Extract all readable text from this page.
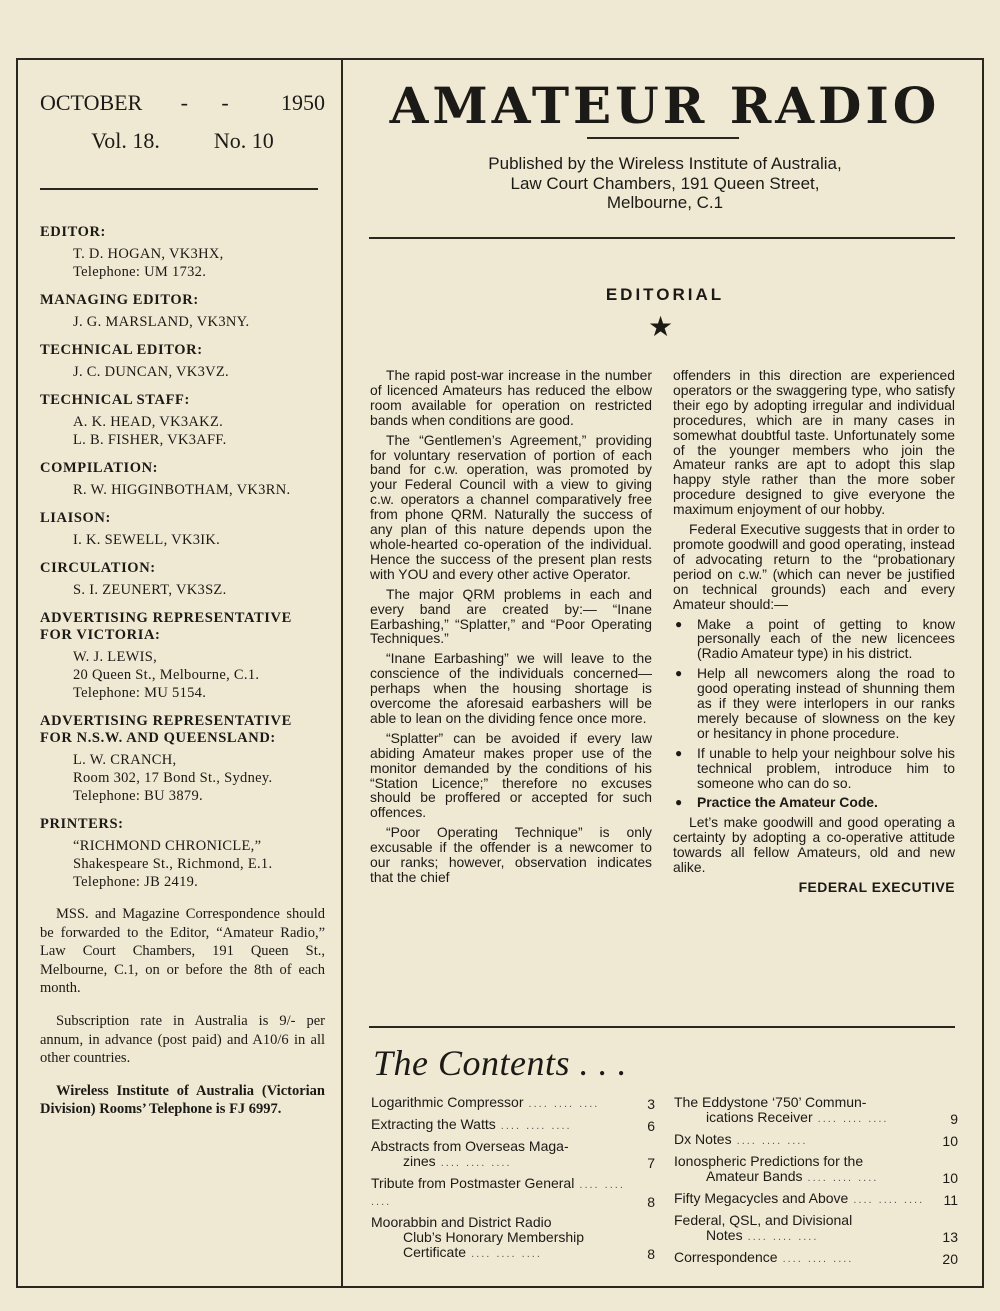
OCTOBER - - 1950
Vol. 18. No. 10
EDITOR:
T. D. HOGAN, VK3HX,
Telephone: UM 1732.
MANAGING EDITOR:
J. G. MARSLAND, VK3NY.
TECHNICAL EDITOR:
J. C. DUNCAN, VK3VZ.
TECHNICAL STAFF:
A. K. HEAD, VK3AKZ.
L. B. FISHER, VK3AFF.
COMPILATION:
R. W. HIGGINBOTHAM, VK3RN.
LIAISON:
I. K. SEWELL, VK3IK.
CIRCULATION:
S. I. ZEUNERT, VK3SZ.
ADVERTISING REPRESENTATIVE FOR VICTORIA:
W. J. LEWIS,
20 Queen St., Melbourne, C.1.
Telephone: MU 5154.
ADVERTISING REPRESENTATIVE FOR N.S.W. AND QUEENSLAND:
L. W. CRANCH,
Room 302, 17 Bond St., Sydney.
Telephone: BU 3879.
PRINTERS:
“RICHMOND CHRONICLE,”
Shakespeare St., Richmond, E.1.
Telephone: JB 2419.
MSS. and Magazine Correspondence should be forwarded to the Editor, “Amateur Radio,” Law Court Chambers, 191 Queen St., Melbourne, C.1, on or before the 8th of each month.
Subscription rate in Australia is 9/- per annum, in advance (post paid) and A10/6 in all other countries.
Wireless Institute of Australia (Victorian Division) Rooms’ Telephone is FJ 6997.
AMATEUR RADIO
Published by the Wireless Institute of Australia,
Law Court Chambers, 191 Queen Street,
Melbourne, C.1
EDITORIAL
★

The rapid post-war increase in the number of licenced Amateurs has reduced the elbow room available for operation on restricted bands when conditions are good.

The “Gentlemen’s Agreement,” providing for voluntary reservation of portion of each band for c.w. operation, was promoted by your Federal Council with a view to giving c.w. operators a channel comparatively free from phone QRM. Naturally the success of any plan of this nature depends upon the whole-hearted co-operation of the individual. Hence the success of the present plan rests with YOU and every other active Operator.

The major QRM problems in each and every band are created by:— “Inane Earbashing,” “Splatter,” and “Poor Operating Techniques.”

“Inane Earbashing” we will leave to the conscience of the individuals concerned—perhaps when the housing shortage is overcome the aforesaid earbashers will be able to lean on the dividing fence once more.

“Splatter” can be avoided if every law abiding Amateur makes proper use of the monitor demanded by the conditions of his “Station Licence;” therefore no excuses should be proffered or accepted for such offences.

“Poor Operating Technique” is only excusable if the offender is a newcomer to our ranks; however, observation indicates that the chief

offenders in this direction are experienced operators or the swaggering type, who satisfy their ego by adopting irregular and individual procedures, which are in many cases in somewhat doubtful taste. Unfortunately some of the younger members who join the Amateur ranks are apt to adopt this slap happy style rather than the more sober procedure designed to give everyone the maximum enjoyment of our hobby.

Federal Executive suggests that in order to promote goodwill and good operating, instead of advocating return to the “probationary period on c.w.” (which can never be justified on technical grounds) each and every Amateur should:—

● Make a point of getting to know personally each of the new licencees (Radio Amateur type) in his district.
● Help all newcomers along the road to good operating instead of shunning them as if they were interlopers in our ranks merely because of slowness on the key or hesitancy in phone procedure.
● If unable to help your neighbour solve his technical problem, introduce him to someone who can do so.
● Practice the Amateur Code.

Let’s make goodwill and good operating a certainty by adopting a co-operative attitude towards all fellow Amateurs, old and new alike.

FEDERAL EXECUTIVE
The Contents . . .
Logarithmic Compressor .... .... ....	3
Extracting the Watts .... .... ....	6
Abstracts from Overseas Maga-
zines .... .... ....	7
Tribute from Postmaster General .... .... ....	8
Moorabbin and District Radio
Club’s Honorary Membership Certificate .... .... ....	8
The Eddystone ‘750’ Commun-
ications Receiver .... .... ....	9
Dx Notes .... .... ....	10
Ionospheric Predictions for the
Amateur Bands .... .... ....	10
Fifty Megacycles and Above .... .... ....	11
Federal, QSL, and Divisional
Notes .... .... ....	13
Correspondence .... .... ....	20
